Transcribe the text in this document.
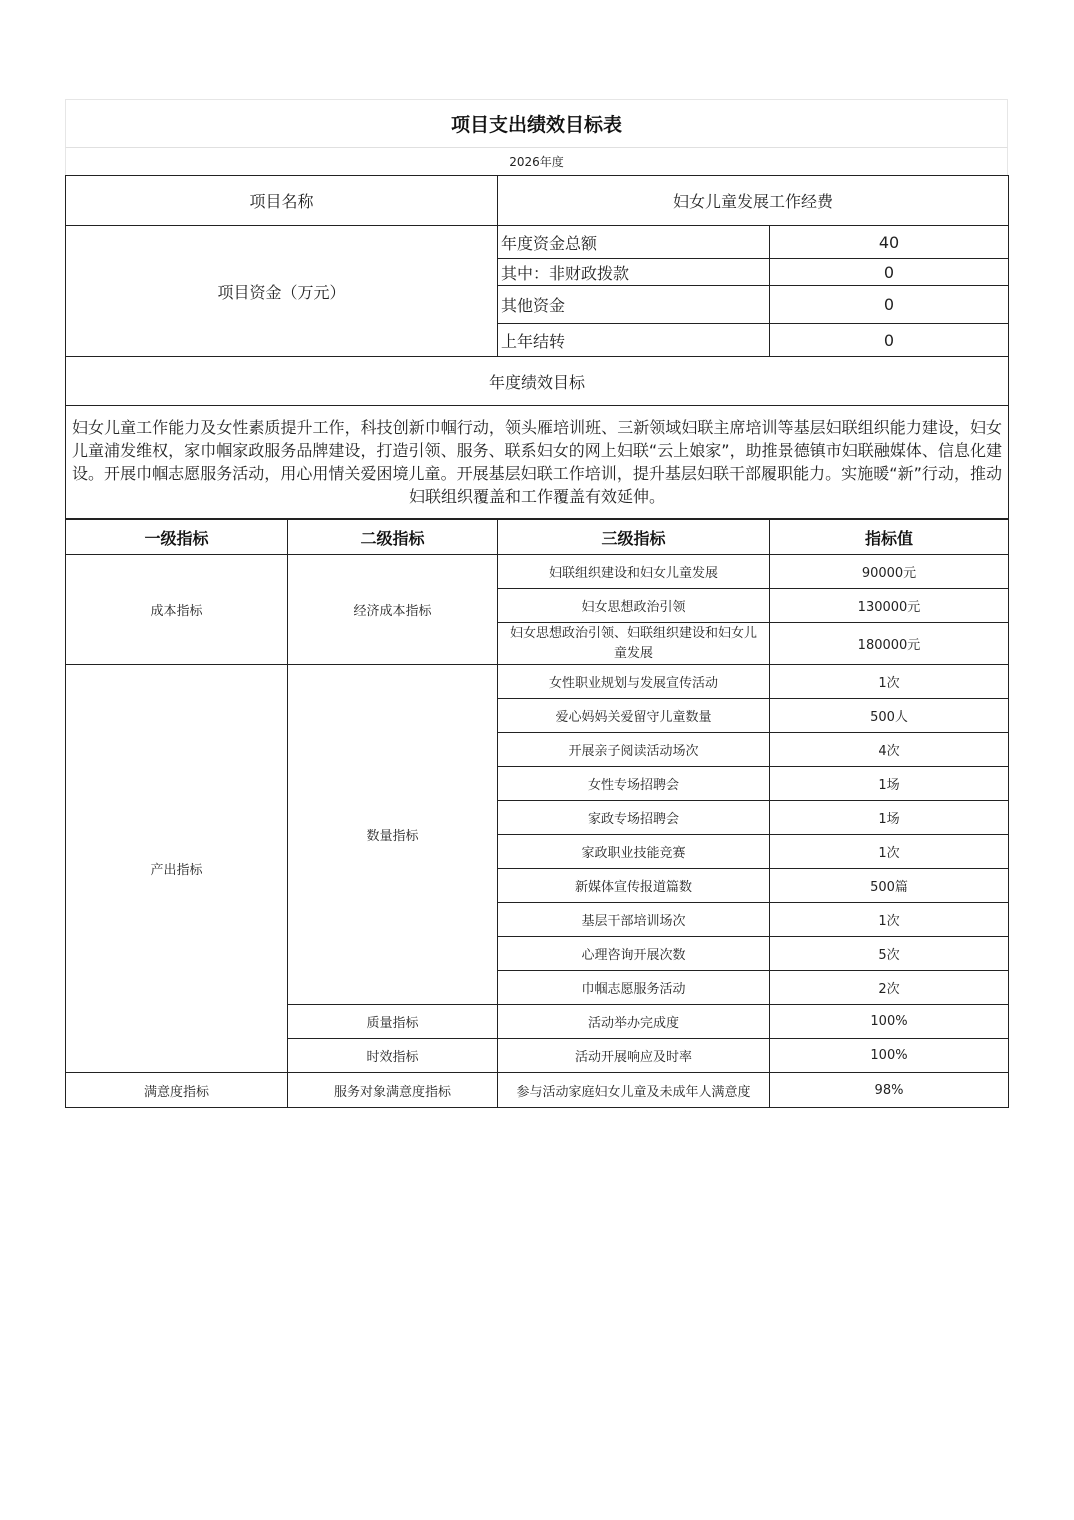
项目支出绩效目标表
2026年度
项目名称	妇女儿童发展工作经费	
项目资金（万元）	年度资金总额	40
	其中：非财政拨款	0
	其他资金	0
	上年结转	0
年度绩效目标		
妇女儿童工作能力及女性素质提升工作，科技创新巾帼行动，领头雁培训班、三新领域妇联主席培训等基层妇联组织能力建设，妇女儿童浦发维权，家巾帼家政服务品牌建设，打造引领、服务、联系妇女的网上妇联“云上娘家”，助推景德镇市妇联融媒体、信息化建设。开展巾帼志愿服务活动，用心用情关爱困境儿童。开展基层妇联工作培训，提升基层妇联干部履职能力。实施暖“新”行动，推动妇联组织覆盖和工作覆盖有效延伸。		
一级指标	二级指标	三级指标	指标值
成本指标	经济成本指标	妇联组织建设和妇女儿童发展	90000元
		妇女思想政治引领	130000元
		妇女思想政治引领、妇联组织建设和妇女儿童发展	180000元
产出指标	数量指标	女性职业规划与发展宣传活动	1次
		爱心妈妈关爱留守儿童数量	500人
		开展亲子阅读活动场次	4次
		女性专场招聘会	1场
		家政专场招聘会	1场
		家政职业技能竞赛	1次
		新媒体宣传报道篇数	500篇
		基层干部培训场次	1次
		心理咨询开展次数	5次
		巾帼志愿服务活动	2次
	质量指标	活动举办完成度	100%
	时效指标	活动开展响应及时率	100%
满意度指标	服务对象满意度指标	参与活动家庭妇女儿童及未成年人满意度	98%
